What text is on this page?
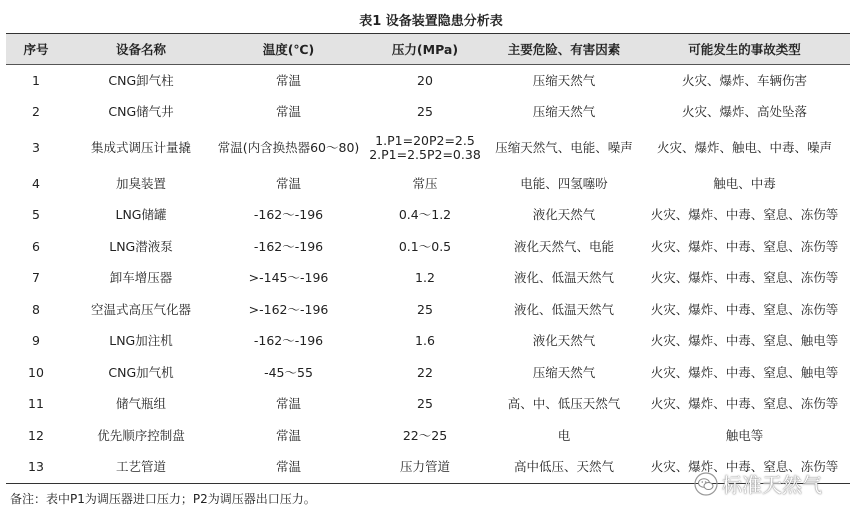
表1 设备装置隐患分析表
序号	设备名称	温度(℃)	压力(MPa)	主要危险、有害因素	可能发生的事故类型
1	CNG卸气柱	常温	20	压缩天然气	火灾、爆炸、车辆伤害
2	CNG储气井	常温	25	压缩天然气	火灾、爆炸、高处坠落
3	集成式调压计量撬	常温(内含换热器60～80)	1.P1=20P2=2.5
2.P1=2.5P2=0.38	压缩天然气、电能、噪声	火灾、爆炸、触电、中毒、噪声
4	加臭装置	常温	常压	电能、四氢噻吩	触电、中毒
5	LNG储罐	-162～-196	0.4～1.2	液化天然气	火灾、爆炸、中毒、窒息、冻伤等
6	LNG潜液泵	-162～-196	0.1～0.5	液化天然气、电能	火灾、爆炸、中毒、窒息、冻伤等
7	卸车增压器	>-145～-196	1.2	液化、低温天然气	火灾、爆炸、中毒、窒息、冻伤等
8	空温式高压气化器	>-162～-196	25	液化、低温天然气	火灾、爆炸、中毒、窒息、冻伤等
9	LNG加注机	-162～-196	1.6	液化天然气	火灾、爆炸、中毒、窒息、触电等
10	CNG加气机	-45～55	22	压缩天然气	火灾、爆炸、中毒、窒息、触电等
11	储气瓶组	常温	25	高、中、低压天然气	火灾、爆炸、中毒、窒息、冻伤等
12	优先顺序控制盘	常温	22～25	电	触电等
13	工艺管道	常温	压力管道	高中低压、天然气	火灾、爆炸、中毒、窒息、冻伤等
备注：表中P1为调压器进口压力；P2为调压器出口压力。
标准天然气
